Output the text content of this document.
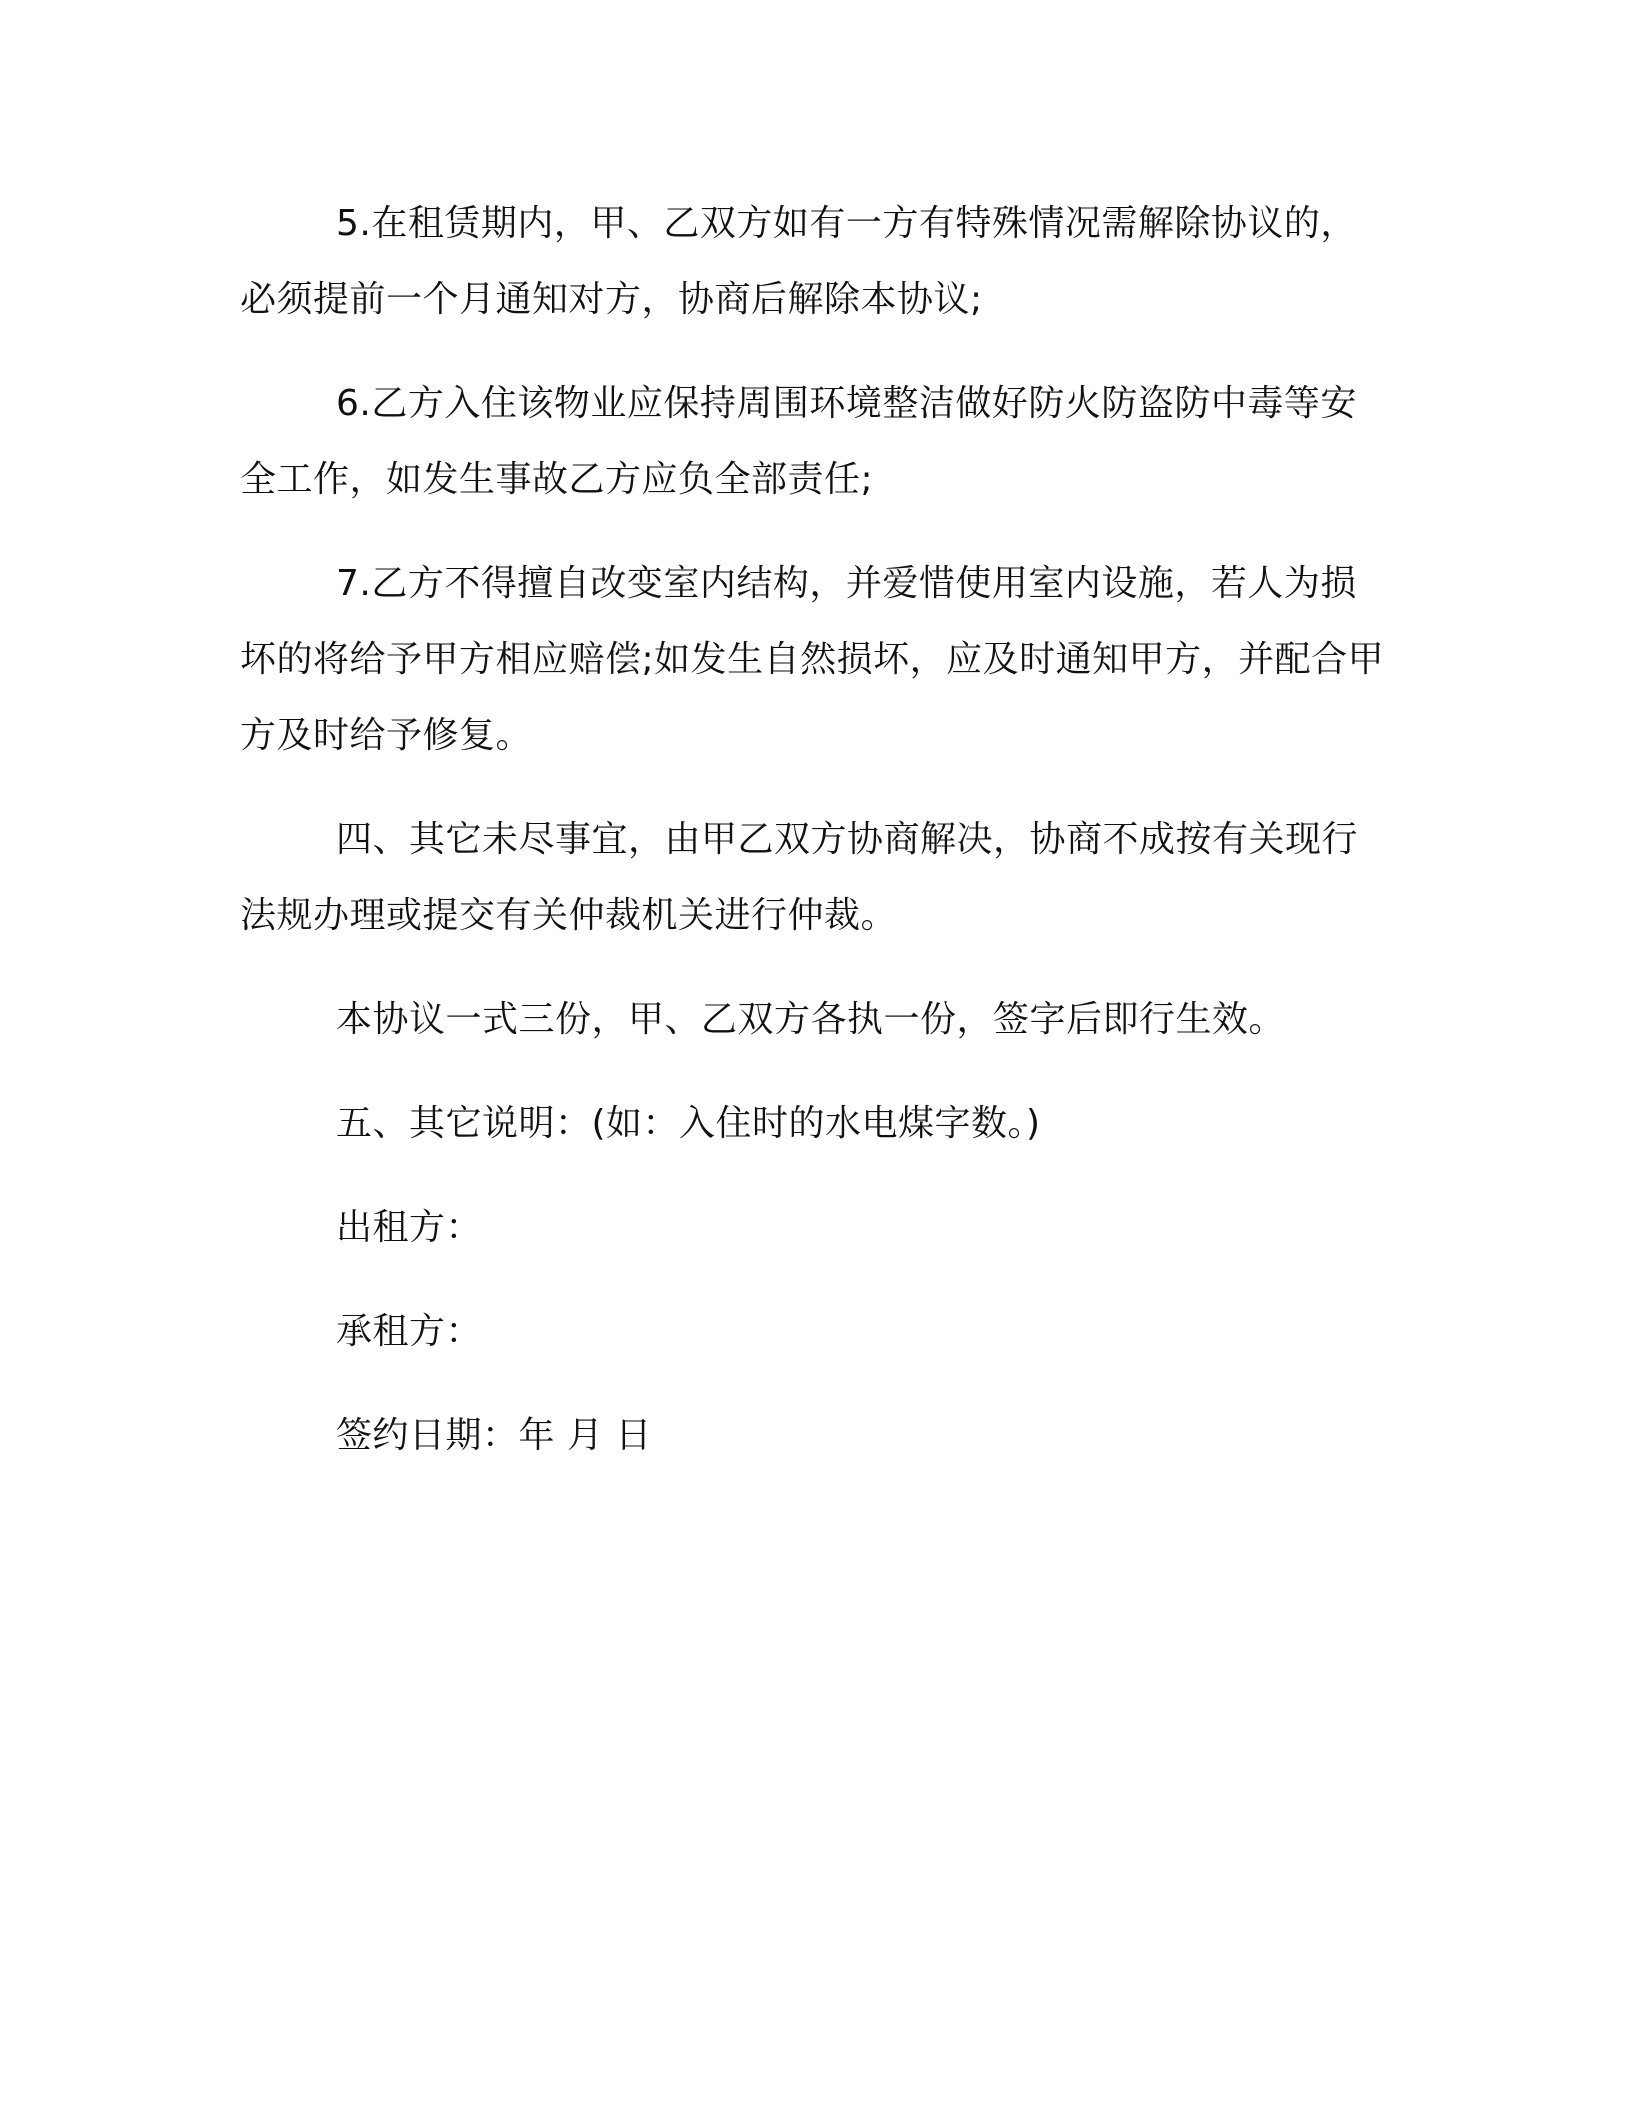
5.在租赁期内，甲、乙双方如有一方有特殊情况需解除协议的，必须提前一个月通知对方，协商后解除本协议;

6.乙方入住该物业应保持周围环境整洁做好防火防盗防中毒等安全工作，如发生事故乙方应负全部责任;

7.乙方不得擅自改变室内结构，并爱惜使用室内设施，若人为损坏的将给予甲方相应赔偿;如发生自然损坏，应及时通知甲方，并配合甲方及时给予修复。

四、其它未尽事宜，由甲乙双方协商解决，协商不成按有关现行法规办理或提交有关仲裁机关进行仲裁。

本协议一式三份，甲、乙双方各执一份，签字后即行生效。

五、其它说明：(如：入住时的水电煤字数。)

出租方：

承租方：

签约日期：年 月 日
